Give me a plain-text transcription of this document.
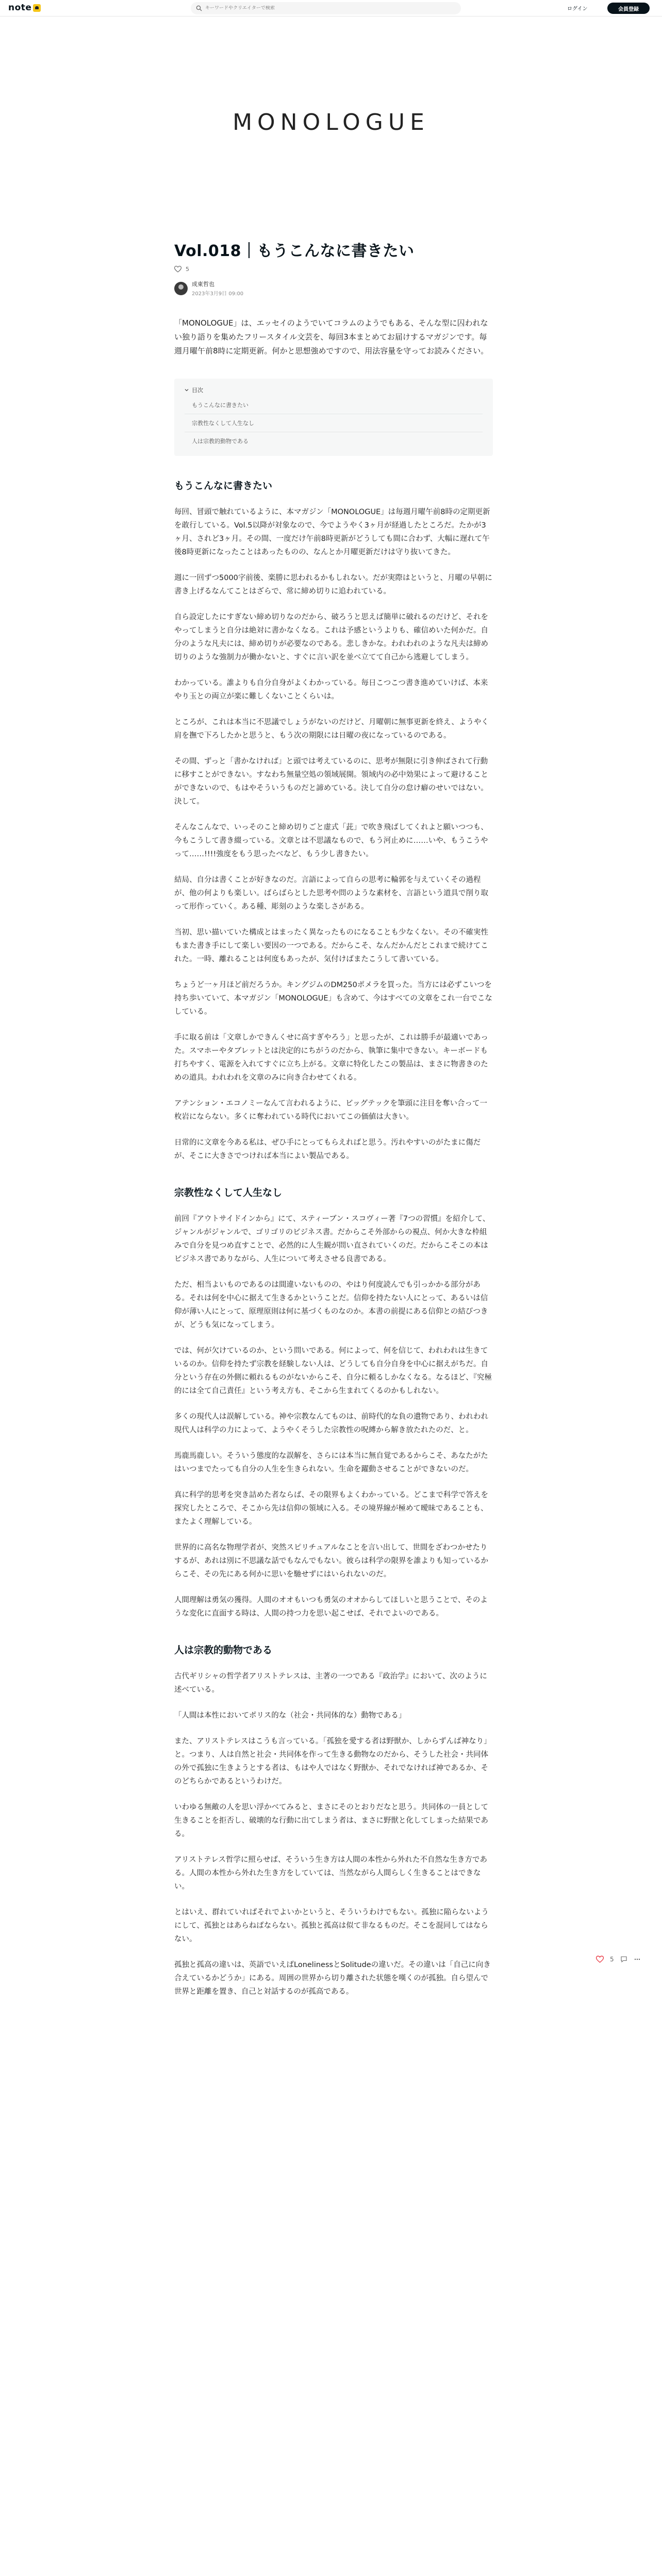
note
キーワードやクリエイターで検索	ログイン	会員登録
MONOLOGUE
Vol.018｜もうこんなに書きたい
5
成東哲也
2023年3月9日 09:00

「MONOLOGUE」は、エッセイのようでいてコラムのようでもある、そんな型に囚われない独り語りを集めたフリースタイル文芸を、毎回3本まとめてお届けするマガジンです。毎週月曜午前8時に定期更新。何かと思想強めですので、用法容量を守ってお読みください。

目次
もうこんなに書きたい
宗教性なくして人生なし
人は宗教的動物である
もうこんなに書きたい

毎回、冒頭で触れているように、本マガジン「MONOLOGUE」は毎週月曜午前8時の定期更新を敢行している。Vol.5以降が対象なので、今でようやく3ヶ月が経過したところだ。たかが3ヶ月、されど3ヶ月。その間、一度だけ午前8時更新がどうしても間に合わず、大幅に遅れて午後8時更新になったことはあったものの、なんとか月曜更新だけは守り抜いてきた。

週に一回ずつ5000字前後、楽勝に思われるかもしれない。だが実際はというと、月曜の早朝に書き上げるなんてことはざらで、常に締め切りに追われている。

自ら設定したにすぎない締め切りなのだから、破ろうと思えば簡単に破れるのだけど、それをやってしまうと自分は絶対に書かなくなる。これは予感というよりも、確信めいた何かだ。自分のような凡夫には、締め切りが必要なのである。悲しきかな。われわれのような凡夫は締め切りのような強制力が働かないと、すぐに言い訳を並べ立てて自己から逃避してしまう。

わかっている。誰よりも自分自身がよくわかっている。毎日こつこつ書き進めていけば、本来やり玉との両立が楽に難しくないことくらいは。

ところが、これは本当に不思議でしょうがないのだけど、月曜朝に無事更新を終え、ようやく肩を撫で下ろしたかと思うと、もう次の期限には日曜の夜になっているのである。

その間、ずっと「書かなければ」と頭では考えているのに、思考が無限に引き伸ばされて行動に移すことができない。すなわち無量空処の領域展開。領域内の必中効果によって避けることができないので、もはやそういうものだと諦めている。決して自分の怠け癖のせいではない。決して。

そんなこんなで、いっそのこと締め切りごと虚式「茈」で吹き飛ばしてくれよと願いつつも、今もこうして書き綴っている。文章とは不思議なもので、もう河止めに……いや、もうこうやって……!!!!強度をもう思ったべなど、もう少し書きたい。

結局、自分は書くことが好きなのだ。言語によって自らの思考に輪郭を与えていくその過程が、他の何よりも楽しい。ばらばらとした思考や問のような素材を、言語という道具で削り取って形作っていく。ある種、彫刻のような楽しさがある。

当初、思い描いていた構成とはまったく異なったものになることも少なくない。その不確実性もまた書き手にして楽しい要因の一つである。だからこそ、なんだかんだとこれまで続けてこれた。一時、離れることは何度もあったが、気付けばまたこうして書いている。

ちょうど一ヶ月ほど前だろうか。キングジムのDM250ポメラを買った。当方には必ずこいつを持ち歩いていて、本マガジン「MONOLOGUE」も含めて、今はすべての文章をこれ一台でこなしている。

手に取る前は「文章しかできんくせに高すぎやろう」と思ったが、これは勝手が最適いであった。スマホーやタブレットとは決定的にちがうのだから、執筆に集中できない。キーボードも打ちやすく、電源を入れてすぐに立ち上がる。文章に特化したこの製品は、まさに物書きのための道具。われわれを文章のみに向き合わせてくれる。

アテンション・エコノミーなんて言われるように、ビッグテックを筆頭に注目を奪い合って一枚岩にならない。多くに奪われている時代においてこの価値は大きい。

日常的に文章を今ある私は、ぜひ手にとってもらえればと思う。汚れやすいのがたまに傷だが、そこに大きさでつければ本当によい製品である。

宗教性なくして人生なし

前回『アウトサイドインから』にて、スティーブン・スコヴィー著『7つの習慣』を紹介して、ジャンルがジャンルで、ゴリゴリのビジネス書。だからこそ外部からの視点、何か大きな枠組みで自分を見つめ直すことで、必然的に人生観が問い直されていくのだ。だからこそこの本はビジネス書でありながら、人生について考えさせる良書である。

ただ、相当よいものであるのは間違いないものの、やはり何度読んでも引っかかる部分がある。それは何を中心に据えて生きるかということだ。信仰を持たない人にとって、あるいは信仰が薄い人にとって、原理原則は何に基づくものなのか。本書の前提にある信仰との結びつきが、どうも気になってしまう。

では、何が欠けているのか、という問いである。何によって、何を信じて、われわれは生きているのか。信仰を持たず宗教を経験しない人は、どうしても自分自身を中心に据えがちだ。自分という存在の外側に頼れるものがないからこそ、自分に頼るしかなくなる。なるほど、『究極的には全て自己責任』という考え方も、そこから生まれてくるのかもしれない。

多くの現代人は誤解している。神や宗教なんてものは、前時代的な負の遺物であり、われわれ現代人は科学の力によって、ようやくそうした宗教性の呪縛から解き放たれたのだ、と。

馬鹿馬鹿しい。そういう態度的な誤解を、さらには本当に無自覚であるからこそ、あなたがたはいつまでたっても自分の人生を生きられない。生命を躍動させることができないのだ。

真に科学的思考を突き詰めた者ならば、その限界もよくわかっている。どこまで科学で答えを探究したところで、そこから先は信仰の領域に入る。その境界線が極めて曖昧であることも、またよく理解している。

世界的に高名な物理学者が、突然スピリチュアルなことを言い出して、世間をざわつかせたりするが、あれは別に不思議な話でもなんでもない。彼らは科学の限界を誰よりも知っているからこそ、その先にある何かに思いを馳せずにはいられないのだ。

人間理解は勇気の獲得。人間のオオもいつも勇気のオオからしてほしいと思うことで、そのような変化に直面する時は、人間の持つ力を思い起こせば、それでよいのである。

人は宗教的動物である

古代ギリシャの哲学者アリストテレスは、主著の一つである『政治学』において、次のように述べている。

「人間は本性においてポリス的な（社会・共同体的な）動物である」

また、アリストテレスはこうも言っている。「孤独を愛する者は野獣か、しからずんば神なり」と。つまり、人は自然と社会・共同体を作って生きる動物なのだから、そうした社会・共同体の外で孤独に生きようとする者は、もはや人ではなく野獣か、それでなければ神であるか、そのどちらかであるというわけだ。

いわゆる無敵の人を思い浮かべてみると、まさにそのとおりだなと思う。共同体の一員として生きることを拒否し、破壊的な行動に出てしまう者は、まさに野獣と化してしまった結果である。

アリストテレス哲学に照らせば、そういう生き方は人間の本性から外れた不自然な生き方である。人間の本性から外れた生き方をしていては、当然ながら人間らしく生きることはできない。

とはいえ、群れていればそれでよいかというと、そういうわけでもない。孤独に陥らないようにして、孤独とはあらねばならない。孤独と孤高は似て非なるものだ。そこを混同してはならない。

孤独と孤高の違いは、英語でいえばLonelinessとSolitudeの違いだ。その違いは「自己に向き合えているかどうか」にある。周囲の世界から切り離された状態を嘆くのが孤独。自ら望んで世界と距離を置き、自己と対話するのが孤高である。

5
